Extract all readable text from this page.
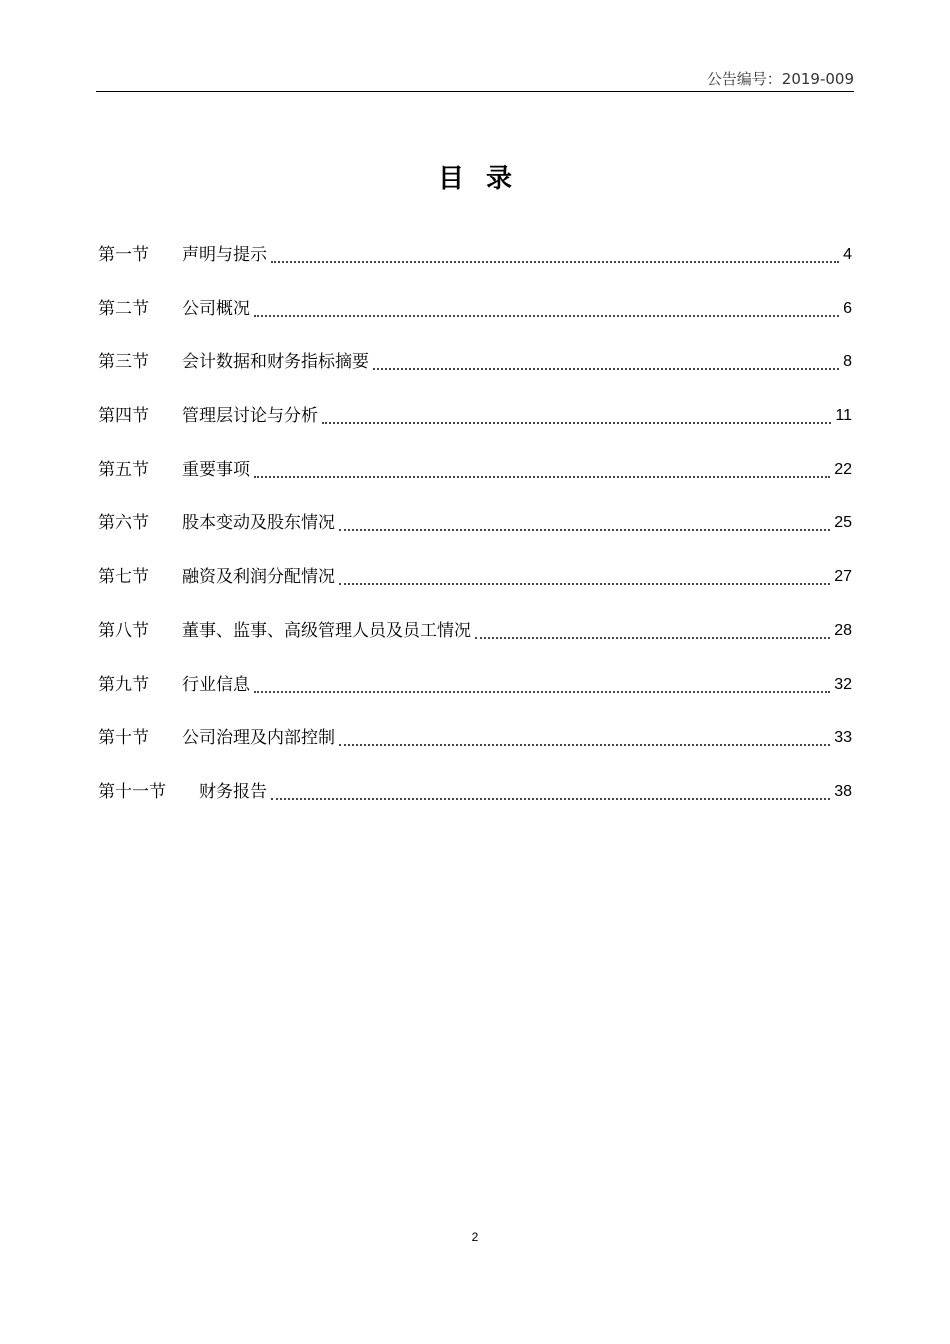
公告编号：2019-009
目录
第一节	声明与提示	4
第二节	公司概况	6
第三节	会计数据和财务指标摘要	8
第四节	管理层讨论与分析	11
第五节	重要事项	22
第六节	股本变动及股东情况	25
第七节	融资及利润分配情况	27
第八节	董事、监事、高级管理人员及员工情况	28
第九节	行业信息	32
第十节	公司治理及内部控制	33
第十一节	财务报告	38
2
